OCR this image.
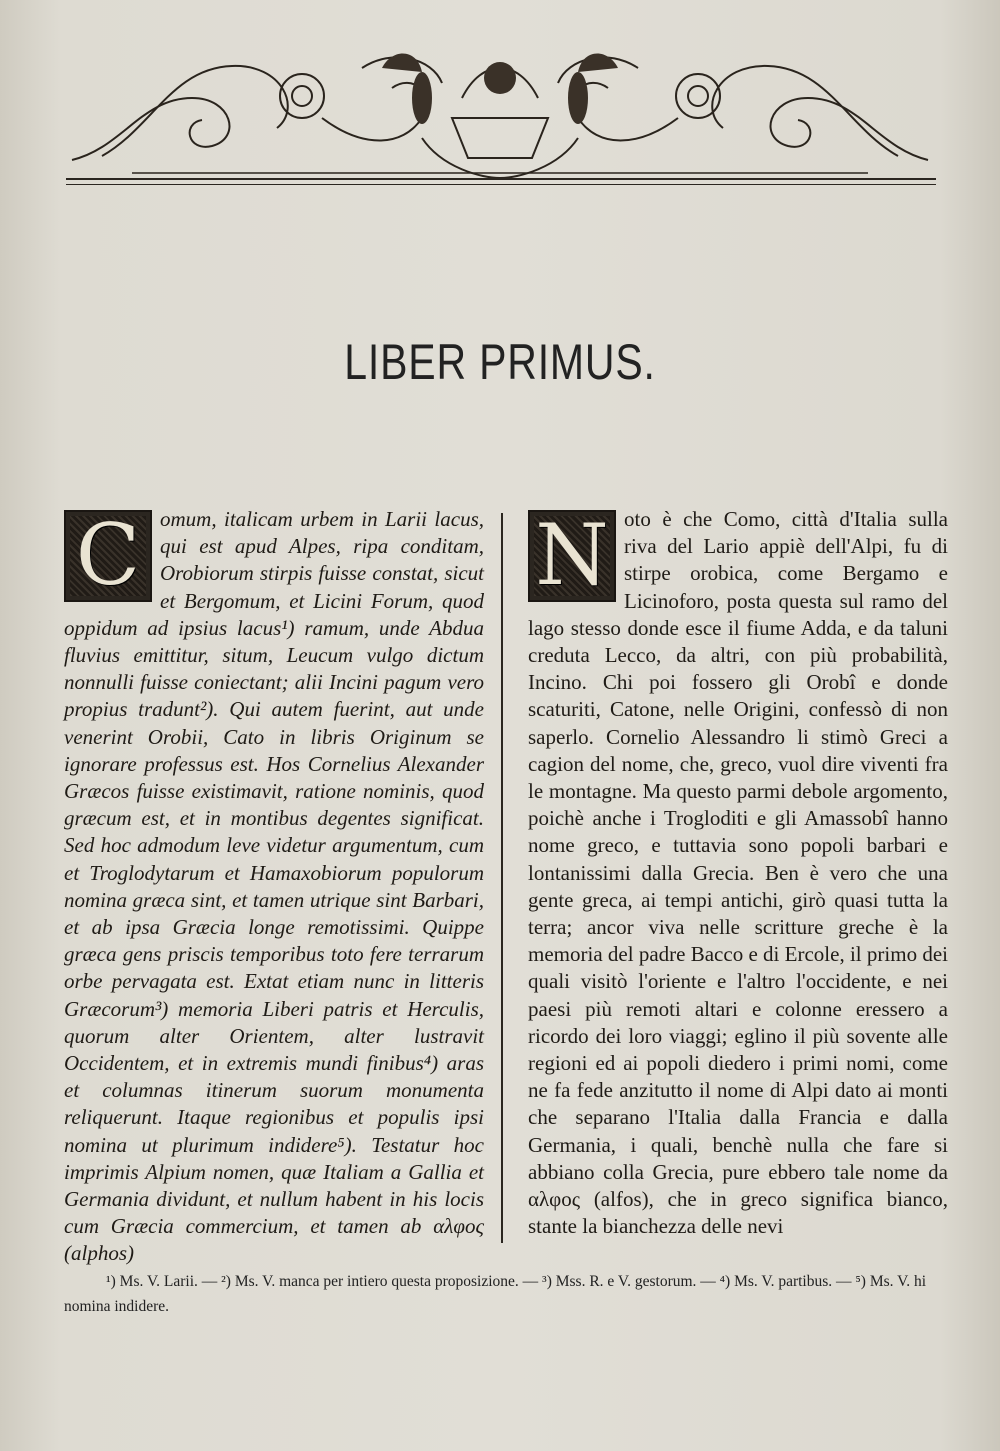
LIBER PRIMUS.
C omum, italicam urbem in Larii lacus, qui est apud Alpes, ripa conditam, Orobiorum stirpis fuisse constat, sicut et Bergomum, et Licini Forum, quod oppidum ad ipsius lacus¹) ramum, unde Abdua fluvius emittitur, situm, Leucum vulgo dictum nonnulli fuisse coniectant; alii Incini pagum vero propius tradunt²). Qui autem fuerint, aut unde venerint Orobii, Cato in libris Originum se ignorare professus est. Hos Cornelius Alexander Græcos fuisse existimavit, ratione nominis, quod græcum est, et in montibus degentes significat. Sed hoc admodum leve videtur argumentum, cum et Troglodytarum et Hamaxobiorum populorum nomina græca sint, et tamen utrique sint Barbari, et ab ipsa Græcia longe remotissimi. Quippe græca gens priscis temporibus toto fere terrarum orbe pervagata est. Extat etiam nunc in litteris Græcorum³) memoria Liberi patris et Herculis, quorum alter Orientem, alter lustravit Occidentem, et in extremis mundi finibus⁴) aras et columnas itinerum suorum monumenta reliquerunt. Itaque regionibus et populis ipsi nomina ut plurimum indidere⁵). Testatur hoc imprimis Alpium nomen, quæ Italiam a Gallia et Germania dividunt, et nullum habent in his locis cum Græcia commercium, et tamen ab αλφος (alphos)

N oto è che Como, città d'Italia sulla riva del Lario appiè dell'Alpi, fu di stirpe orobica, come Bergamo e Licinoforo, posta questa sul ramo del lago stesso donde esce il fiume Adda, e da taluni creduta Lecco, da altri, con più probabilità, Incino. Chi poi fossero gli Orobî e donde scaturiti, Catone, nelle Origini, confessò di non saperlo. Cornelio Alessandro li stimò Greci a cagion del nome, che, greco, vuol dire viventi fra le montagne. Ma questo parmi debole argomento, poichè anche i Trogloditi e gli Amassobî hanno nome greco, e tuttavia sono popoli barbari e lontanissimi dalla Grecia. Ben è vero che una gente greca, ai tempi antichi, girò quasi tutta la terra; ancor viva nelle scritture greche è la memoria del padre Bacco e di Ercole, il primo dei quali visitò l'oriente e l'altro l'occidente, e nei paesi più remoti altari e colonne eressero a ricordo dei loro viaggi; eglino il più sovente alle regioni ed ai popoli diedero i primi nomi, come ne fa fede anzitutto il nome di Alpi dato ai monti che separano l'Italia dalla Francia e dalla Germania, i quali, benchè nulla che fare si abbiano colla Grecia, pure ebbero tale nome da αλφος (alfos), che in greco significa bianco, stante la bianchezza delle nevi

¹) Ms. V. Larii. — ²) Ms. V. manca per intiero questa proposizione. — ³) Mss. R. e V. gestorum. — ⁴) Ms. V. partibus. — ⁵) Ms. V. hi nomina indidere.
